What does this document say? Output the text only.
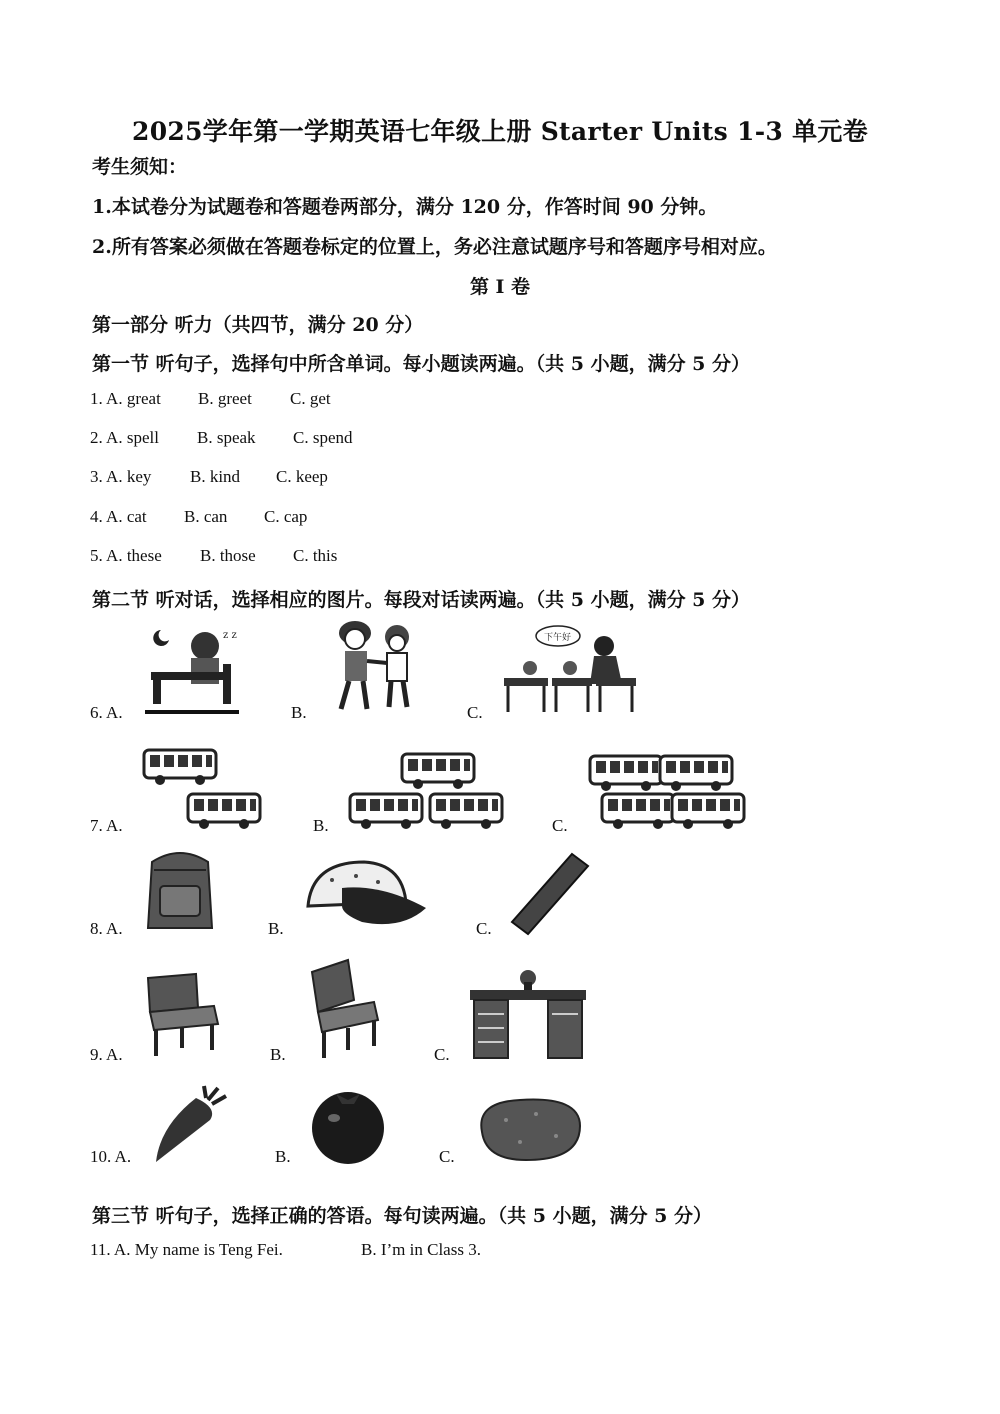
2025学年第一学期英语七年级上册 Starter Units 1-3 单元卷
考生须知：
1.本试卷分为试题卷和答题卷两部分，满分 120 分，作答时间 90 分钟。
2.所有答案必须做在答题卷标定的位置上，务必注意试题序号和答题序号相对应。
第 I 卷
第一部分 听力（共四节，满分 20 分）
第一节 听句子，选择句中所含单词。每小题读两遍。（共 5 小题，满分 5 分）
1. A. great B. greet C. get
2. A. spell B. speak C. spend
3. A. key B. kind C. keep
4. A. cat B. can C. cap
5. A. these B. those C. this
第二节 听对话，选择相应的图片。每段对话读两遍。（共 5 小题，满分 5 分）
6. A.	B.	C.
z z	下午好
7. A.	B.	C.
8. A.	B.	C.
9. A.	B.	C.
10. A.	B.	C.
第三节 听句子，选择正确的答语。每句读两遍。（共 5 小题，满分 5 分）
11. A. My name is Teng Fei.	B. I’m in Class 3.
